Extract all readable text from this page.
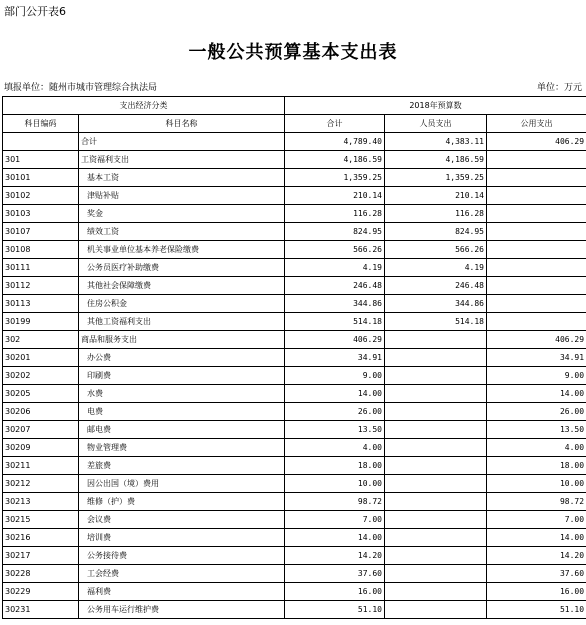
部门公开表6
一般公共预算基本支出表
填报单位：随州市城市管理综合执法局	单位：万元
支出经济分类		2018年预算数		
科目编码	科目名称	合计	人员支出	公用支出
	合计	4,789.40	4,383.11	406.29
301	工资福利支出	4,186.59	4,186.59	
30101	基本工资	1,359.25	1,359.25	
30102	津贴补贴	210.14	210.14	
30103	奖金	116.28	116.28	
30107	绩效工资	824.95	824.95	
30108	机关事业单位基本养老保险缴费	566.26	566.26	
30111	公务员医疗补助缴费	4.19	4.19	
30112	其他社会保障缴费	246.48	246.48	
30113	住房公积金	344.86	344.86	
30199	其他工资福利支出	514.18	514.18	
302	商品和服务支出	406.29		406.29
30201	办公费	34.91		34.91
30202	印刷费	9.00		9.00
30205	水费	14.00		14.00
30206	电费	26.00		26.00
30207	邮电费	13.50		13.50
30209	物业管理费	4.00		4.00
30211	差旅费	18.00		18.00
30212	因公出国（境）费用	10.00		10.00
30213	维修（护）费	98.72		98.72
30215	会议费	7.00		7.00
30216	培训费	14.00		14.00
30217	公务接待费	14.20		14.20
30228	工会经费	37.60		37.60
30229	福利费	16.00		16.00
30231	公务用车运行维护费	51.10		51.10
